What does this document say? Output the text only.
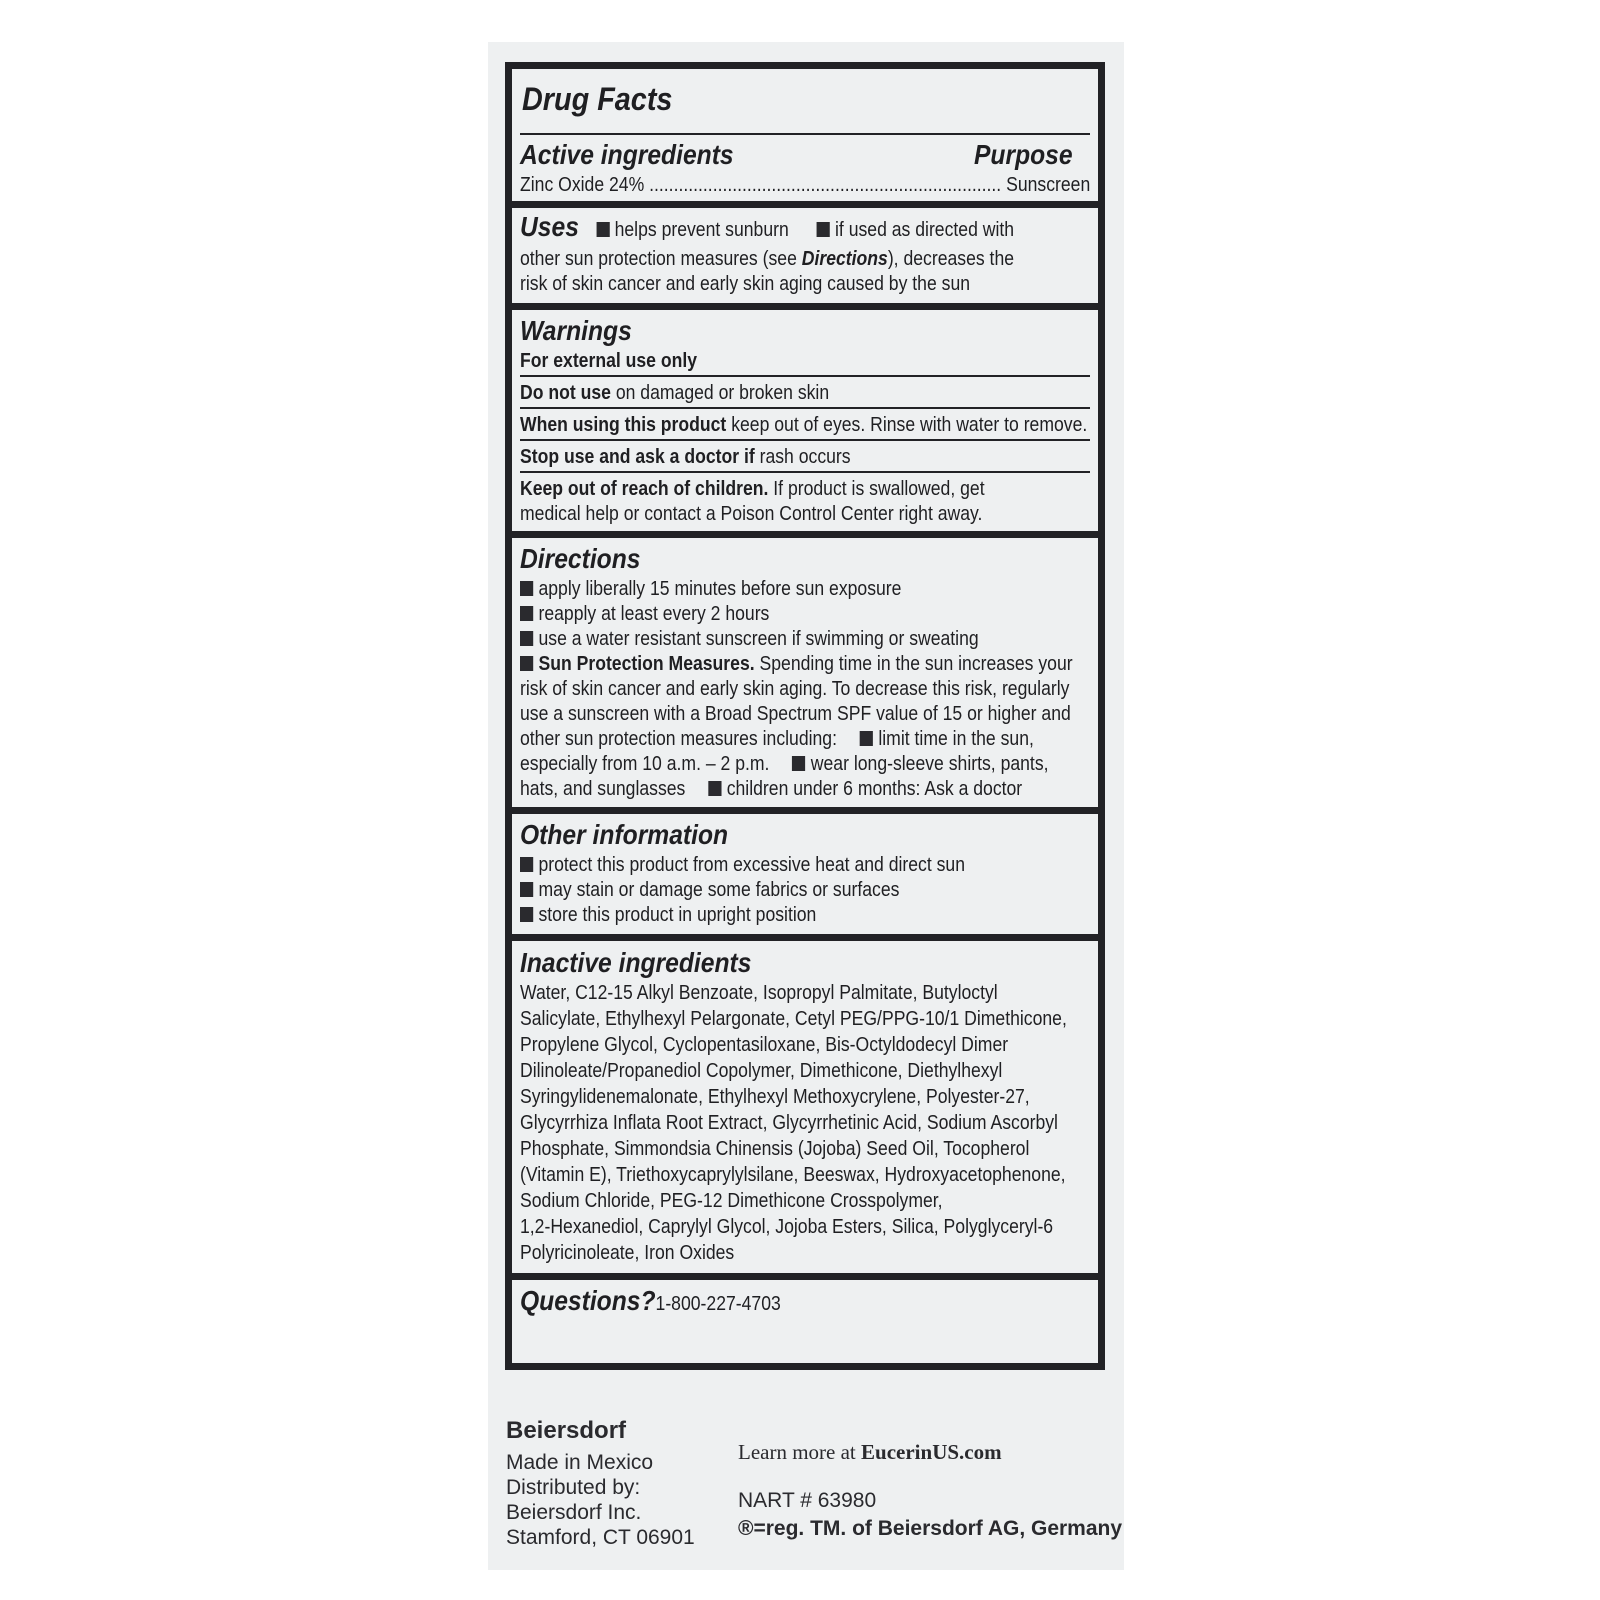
Drug Facts
Active ingredients	Purpose
Zinc Oxide 24% ........................................................................ Sunscreen
Uses helps prevent sunburn if used as directed with
other sun protection measures (see Directions), decreases the
risk of skin cancer and early skin aging caused by the sun
Warnings
For external use only
Do not use on damaged or broken skin
When using this product keep out of eyes. Rinse with water to remove.
Stop use and ask a doctor if rash occurs
Keep out of reach of children. If product is swallowed, get
medical help or contact a Poison Control Center right away.
Directions
apply liberally 15 minutes before sun exposure
reapply at least every 2 hours
use a water resistant sunscreen if swimming or sweating
Sun Protection Measures. Spending time in the sun increases your
risk of skin cancer and early skin aging. To decrease this risk, regularly
use a sunscreen with a Broad Spectrum SPF value of 15 or higher and
other sun protection measures including: limit time in the sun,
especially from 10 a.m. – 2 p.m. wear long-sleeve shirts, pants,
hats, and sunglasses children under 6 months: Ask a doctor
Other information
protect this product from excessive heat and direct sun
may stain or damage some fabrics or surfaces
store this product in upright position
Inactive ingredients
Water, C12-15 Alkyl Benzoate, Isopropyl Palmitate, Butyloctyl
Salicylate, Ethylhexyl Pelargonate, Cetyl PEG/PPG-10/1 Dimethicone,
Propylene Glycol, Cyclopentasiloxane, Bis-Octyldodecyl Dimer
Dilinoleate/Propanediol Copolymer, Dimethicone, Diethylhexyl
Syringylidenemalonate, Ethylhexyl Methoxycrylene, Polyester-27,
Glycyrrhiza Inflata Root Extract, Glycyrrhetinic Acid, Sodium Ascorbyl
Phosphate, Simmondsia Chinensis (Jojoba) Seed Oil, Tocopherol
(Vitamin E), Triethoxycaprylylsilane, Beeswax, Hydroxyacetophenone,
Sodium Chloride, PEG-12 Dimethicone Crosspolymer,
1,2-Hexanediol, Caprylyl Glycol, Jojoba Esters, Silica, Polyglyceryl-6
Polyricinoleate, Iron Oxides
Questions?1-800-227-4703
Beiersdorf
Made in Mexico
Distributed by:
Beiersdorf Inc.
Stamford, CT 06901
Learn more at EucerinUS.com
NART # 63980
®=reg. TM. of Beiersdorf AG, Germany
